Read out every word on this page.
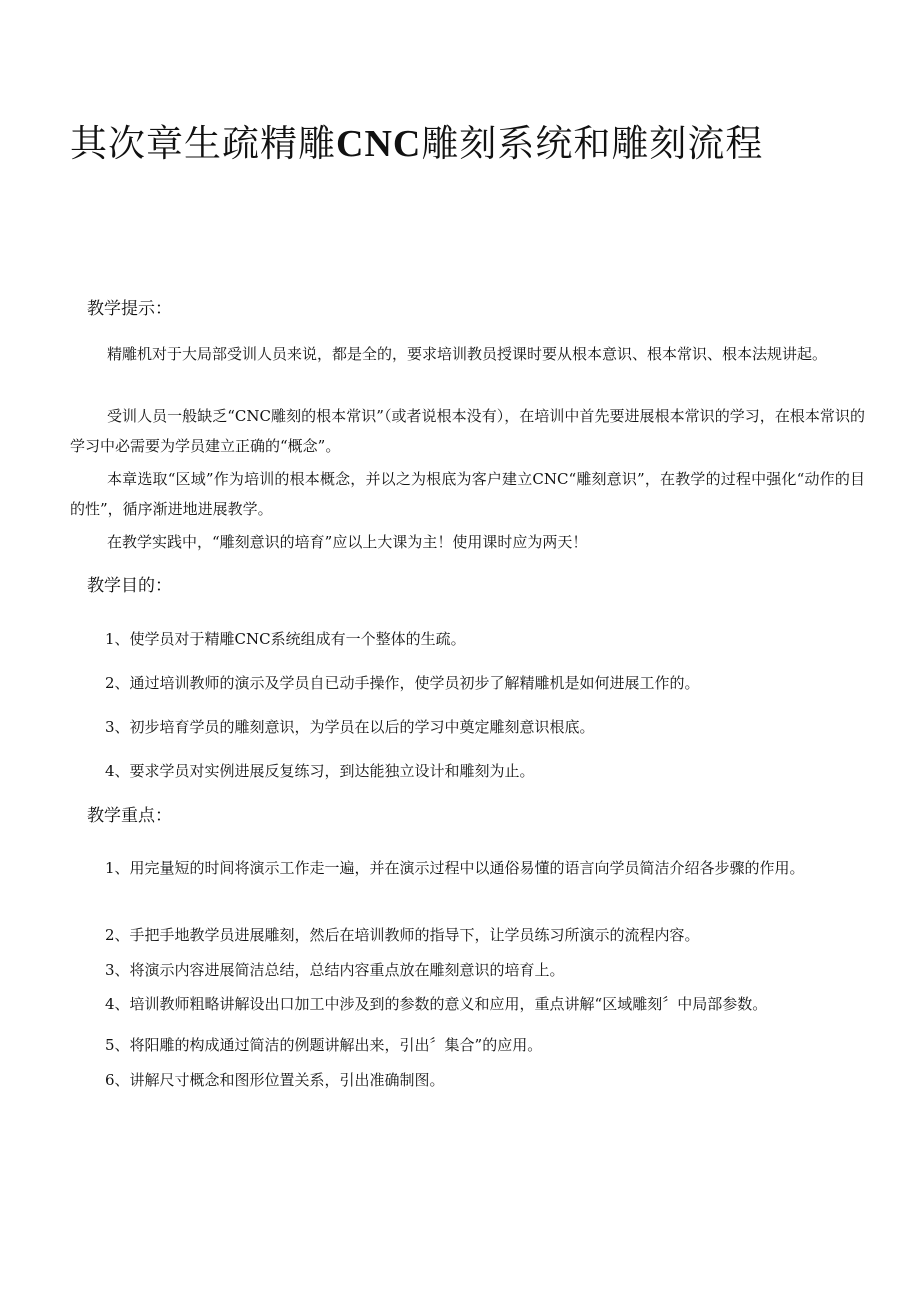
其次章生疏精雕CNC雕刻系统和雕刻流程
教学提示：

精雕机对于大局部受训人员来说，都是全的，要求培训教员授课时要从根本意识、根本常识、根本法规讲起。

受训人员一般缺乏“CNC雕刻的根本常识”（或者说根本没有），在培训中首先要进展根本常识的学习，在根本常识的学习中必需要为学员建立正确的“概念”。

本章选取“区域”作为培训的根本概念，并以之为根底为客户建立CNC“雕刻意识”，在教学的过程中强化“动作的目的性”，循序渐进地进展教学。

在教学实践中，“雕刻意识的培育”应以上大课为主！使用课时应为两天！

教学目的：

1、使学员对于精雕CNC系统组成有一个整体的生疏。

2、通过培训教师的演示及学员自已动手操作，使学员初步了解精雕机是如何进展工作的。

3、初步培育学员的雕刻意识，为学员在以后的学习中奠定雕刻意识根底。

4、要求学员对实例进展反复练习，到达能独立设计和雕刻为止。

教学重点：

1、用完量短的时间将演示工作走一遍，并在演示过程中以通俗易懂的语言向学员简洁介绍各步骤的作用。

2、手把手地教学员进展雕刻，然后在培训教师的指导下，让学员练习所演示的流程内容。

3、将演示内容进展简洁总结，总结内容重点放在雕刻意识的培育上。

4、培训教师粗略讲解设出口加工中涉及到的参数的意义和应用，重点讲解“区域雕刻〞中局部参数。

5、将阳雕的构成通过简洁的例题讲解出来，引出〞集合”的应用。

6、讲解尺寸概念和图形位置关系，引出准确制图。
